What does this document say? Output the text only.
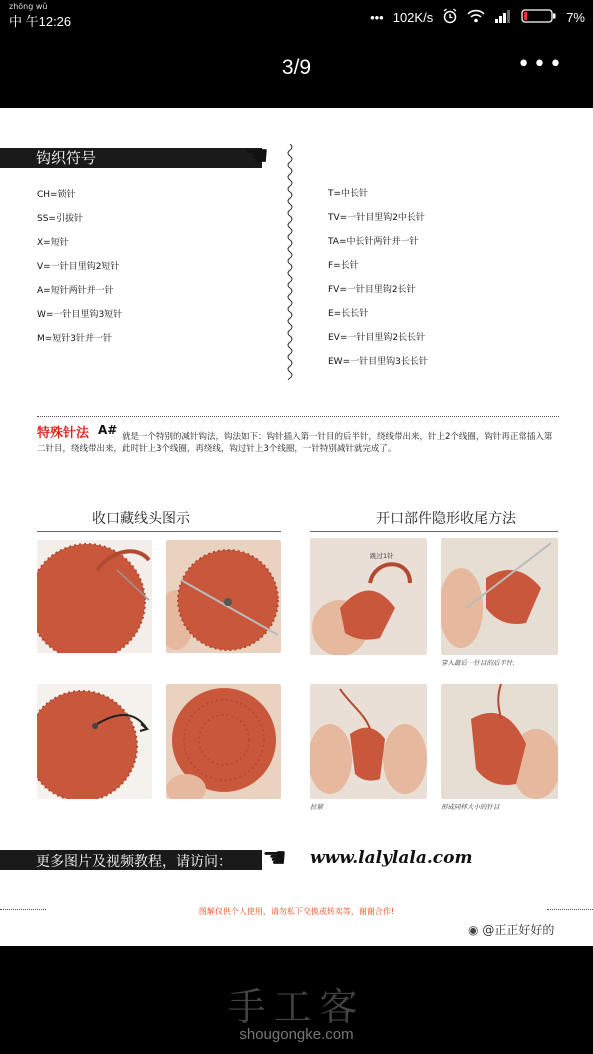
zhōng wǔ
中 午12:26	••• 102K/s	7%
3/9	•••
钩织符号	☚
CH=锁针
SS=引拔针
X=短针
V=一针目里钩2短针
A=短针两针并一针
W=一针目里钩3短针
M=短针3针并一针
T=中长针
TV=一针目里钩2中长针
TA=中长针两针并一针
F=长针
FV=一针目里钩2长针
E=长长针
EV=一针目里钩2长长针
EW=一针目里钩3长长针
特殊针法 A# 就是一个特别的减针钩法，钩法如下：钩针插入第一针目的后半针，绕线带出来，针上2个线圈，钩针再正常插入第二针目，绕线带出来，此时针上3个线圈，再绕线，钩过针上3个线圈，一针特别减针就完成了。
收口藏线头图示	开口部件隐形收尾方法
跳过1针
穿入最后一针目的后半针.
拉紧	形成同样大小的针目
更多图片及视频教程，请访问： ☚ www.lalylala.com
图解仅供个人使用，请勿私下交换或转卖等，谢谢合作!
◉ @正正好好的
手工客
shougongke.com
